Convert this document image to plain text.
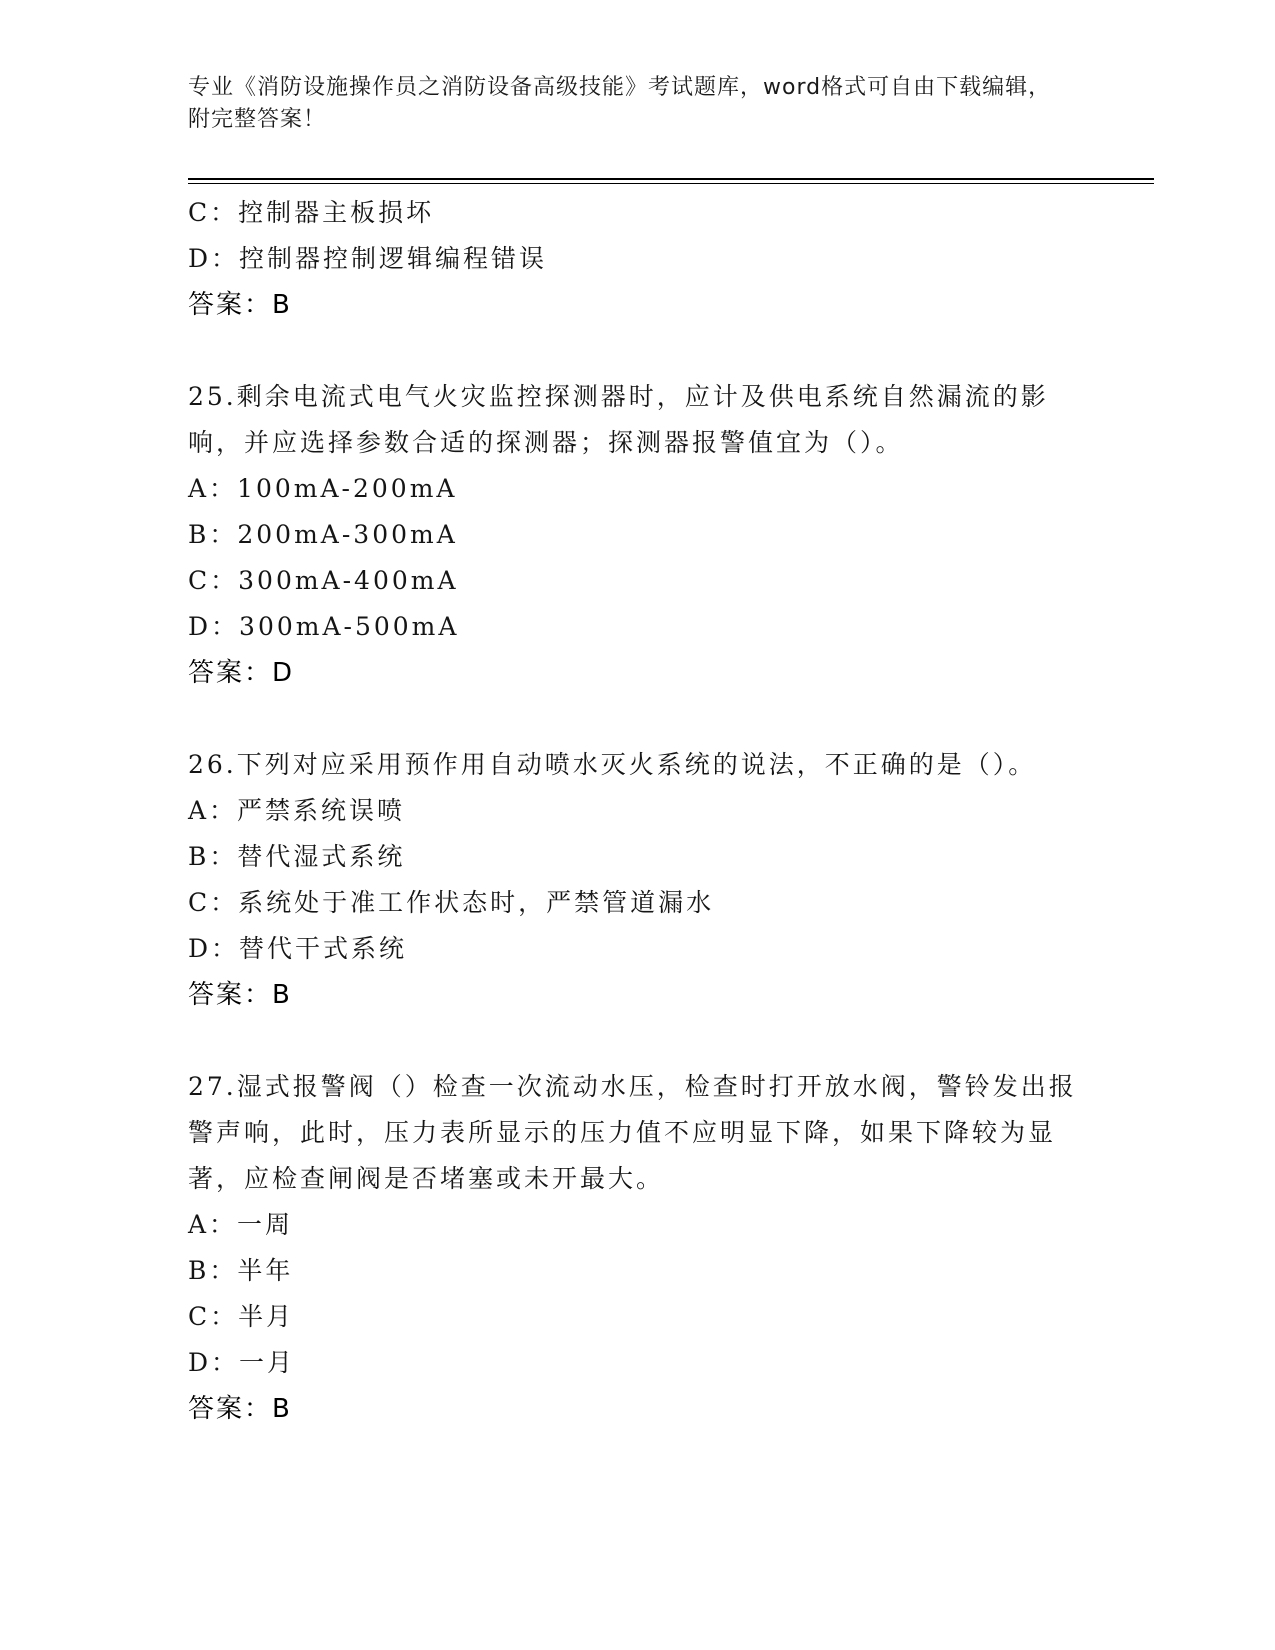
专业《消防设施操作员之消防设备高级技能》考试题库，word格式可自由下载编辑，附完整答案！
C：控制器主板损坏
D：控制器控制逻辑编程错误
答案：B
25.剩余电流式电气火灾监控探测器时，应计及供电系统自然漏流的影响，并应选择参数合适的探测器；探测器报警值宜为（）。
A：100mA-200mA
B：200mA-300mA
C：300mA-400mA
D：300mA-500mA
答案：D
26.下列对应采用预作用自动喷水灭火系统的说法，不正确的是（）。
A：严禁系统误喷
B：替代湿式系统
C：系统处于准工作状态时，严禁管道漏水
D：替代干式系统
答案：B
27.湿式报警阀（）检查一次流动水压，检查时打开放水阀，警铃发出报警声响，此时，压力表所显示的压力值不应明显下降，如果下降较为显著，应检查闸阀是否堵塞或未开最大。
A：一周
B：半年
C：半月
D：一月
答案：B
